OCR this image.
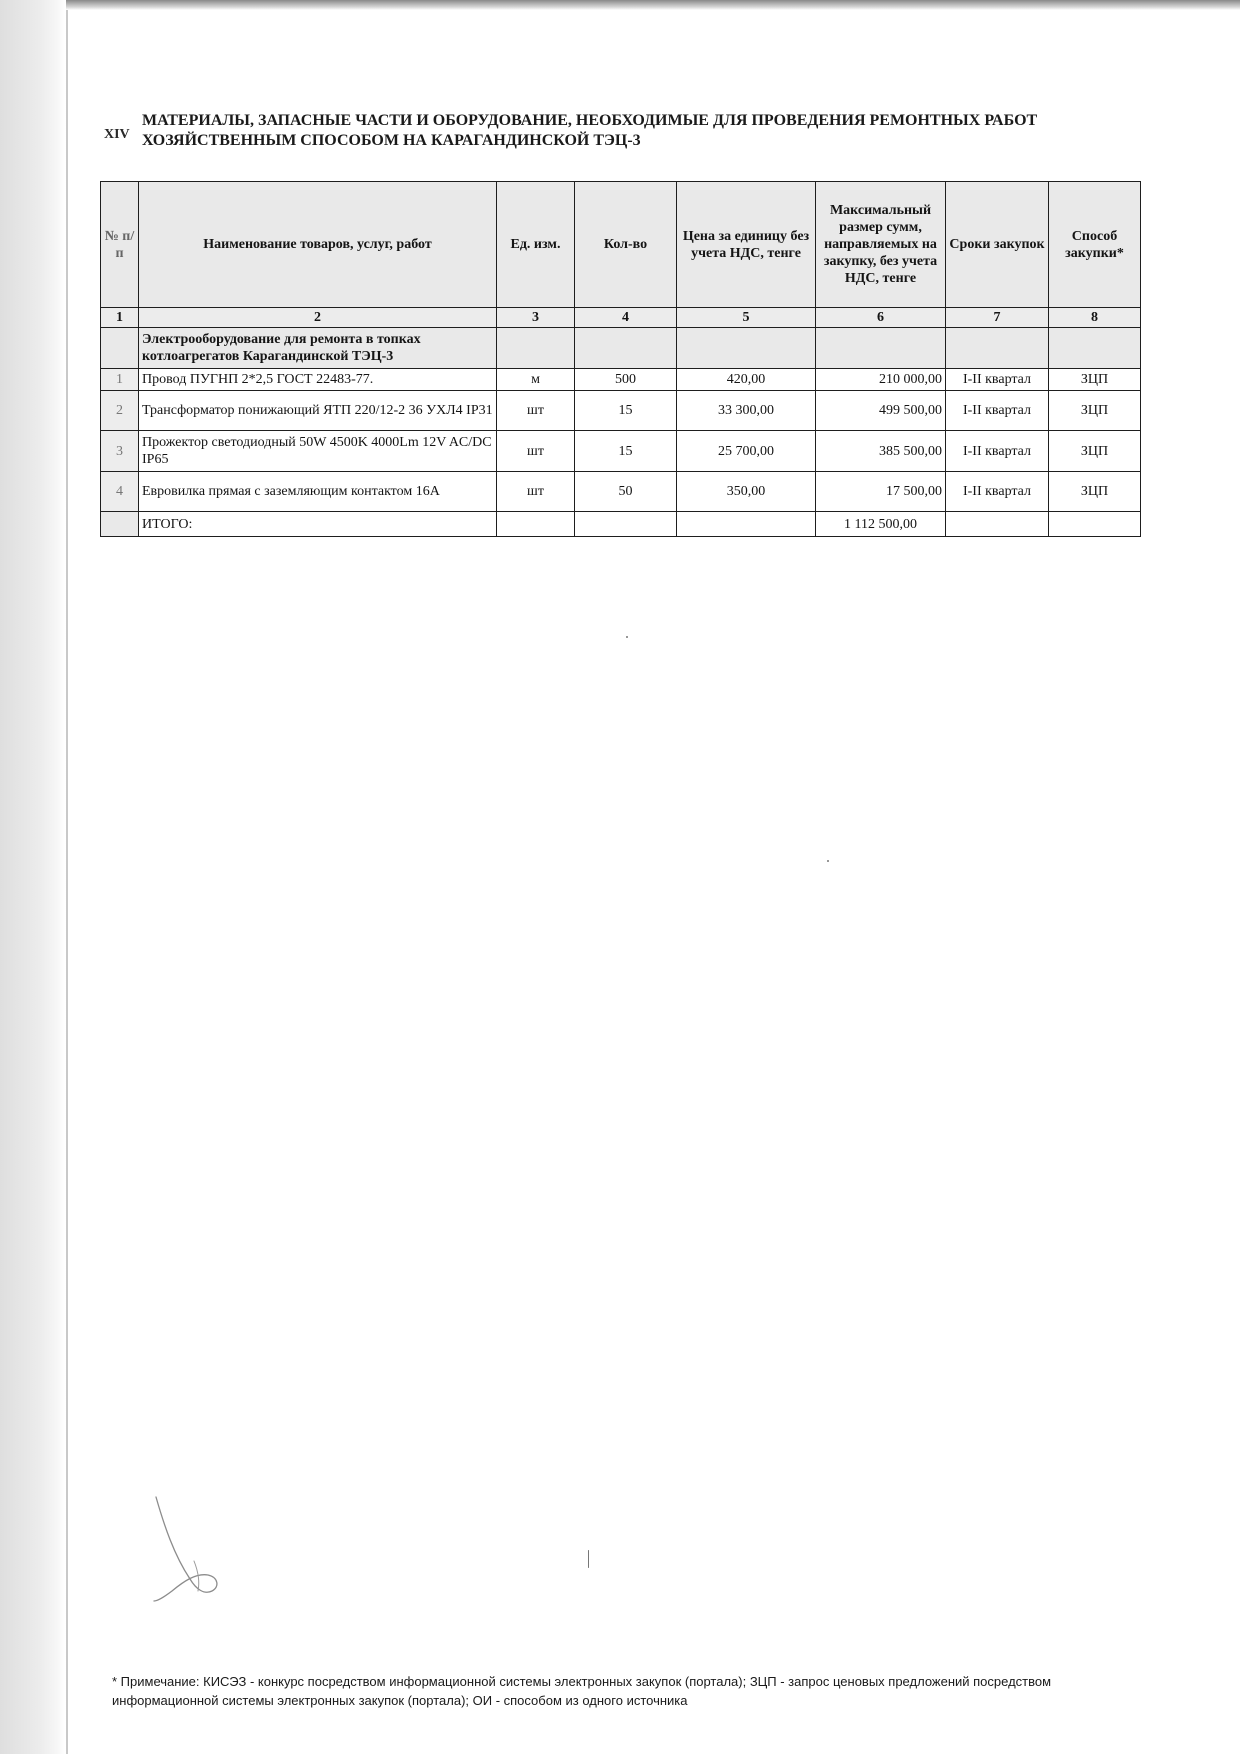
XIV
МАТЕРИАЛЫ, ЗАПАСНЫЕ ЧАСТИ И ОБОРУДОВАНИЕ, НЕОБХОДИМЫЕ ДЛЯ ПРОВЕДЕНИЯ РЕМОНТНЫХ РАБОТ ХОЗЯЙСТВЕННЫМ СПОСОБОМ НА КАРАГАНДИНСКОЙ ТЭЦ-3
№ п/п	Наименование товаров, услуг, работ	Ед. изм.	Кол-во	Цена за единицу без учета НДС, тенге	Максимальный размер сумм, направляемых на закупку, без учета НДС, тенге	Сроки закупок	Способ закупки*
1	2	3	4	5	6	7	8
	Электрооборудование для ремонта в топках котлоагрегатов Карагандинской ТЭЦ-3						
1	Провод ПУГНП 2*2,5 ГОСТ 22483-77.	м	500	420,00	210 000,00	I-II квартал	ЗЦП
2	Трансформатор понижающий ЯТП 220/12-2 36 УХЛ4 IP31	шт	15	33 300,00	499 500,00	I-II квартал	ЗЦП
3	Прожектор светодиодный 50W 4500K 4000Lm 12V AC/DC IP65	шт	15	25 700,00	385 500,00	I-II квартал	ЗЦП
4	Евровилка прямая с заземляющим контактом 16А	шт	50	350,00	17 500,00	I-II квартал	ЗЦП
	ИТОГО:				1 112 500,00		
* Примечание: КИСЭЗ - конкурс посредством информационной системы электронных закупок (портала); ЗЦП - запрос ценовых предложений посредством информационной системы электронных закупок (портала); ОИ - способом из одного источника
